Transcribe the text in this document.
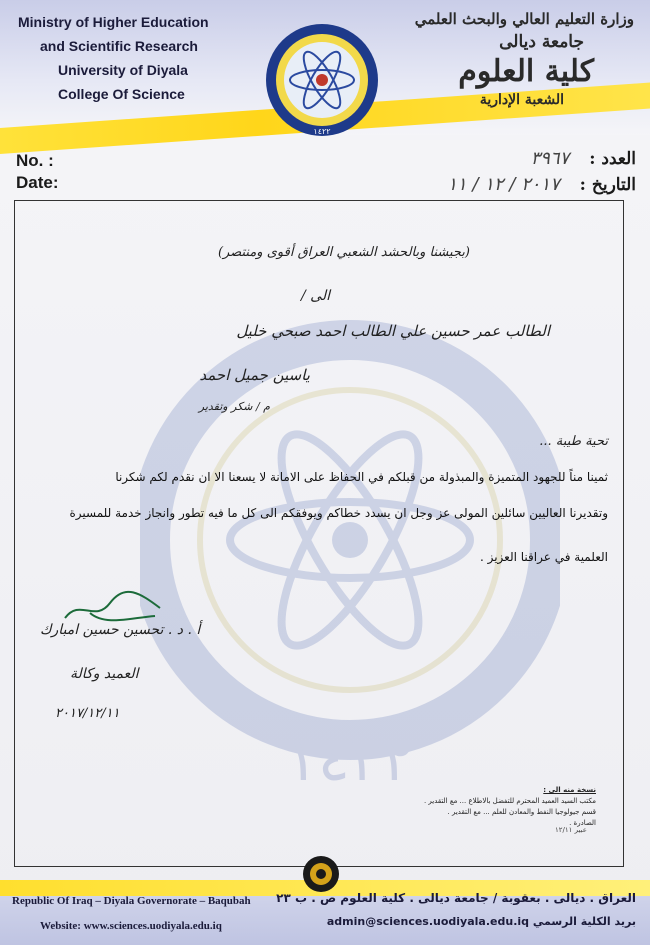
Ministry of Higher Education
and Scientific Research
University of Diyala
College Of Science
وزارة التعليم العالي والبحث العلمي
جامعة ديالى
كلية العلوم
الشعبة الإدارية
2001
١٤٢٢
No. :
Date:
العدد : ٣٩٦٧
التاريخ : ٢٠١٧ / ١٢ / ١١
١٤٢٢
(بجيشنا وبالحشد الشعبي العراق أقوى ومنتصر)
الى /
الطالب عمر حسين علي الطالب احمد صبحي خليل
ياسين جميل احمد
م / شكر وتقدير
تحية طيبة ...
ثمينا مناً للجهود المتميزة والمبذولة من قبلكم في الحفاظ على الامانة لا يسعنا الا ان نقدم لكم شكرنا
وتقديرنا العاليين سائلين المولى عز وجل ان يسدد خطاكم ويوفقكم الى كل ما فيه تطور وانجاز خدمة للمسيرة
العلمية في عراقنا العزيز .
أ . د . تحسين حسين امبارك
العميد وكالة
٢٠١٧/١٢/١١
نسخة منه الى :
مكتب السيد العميد المحترم للتفضل بالاطلاع ... مع التقدير .
قسم جيولوجيا النفط والمعادن للعلم ... مع التقدير .
الصادرة .
عبير ١٢/١١
Republic Of Iraq – Diyala Governorate – Baqubah
Website: www.sciences.uodiyala.edu.iq
العراق . ديالى . بعقوبة / جامعة ديالى . كلية العلوم ص . ب ٢٣
بريد الكلية الرسمي admin@sciences.uodiyala.edu.iq
